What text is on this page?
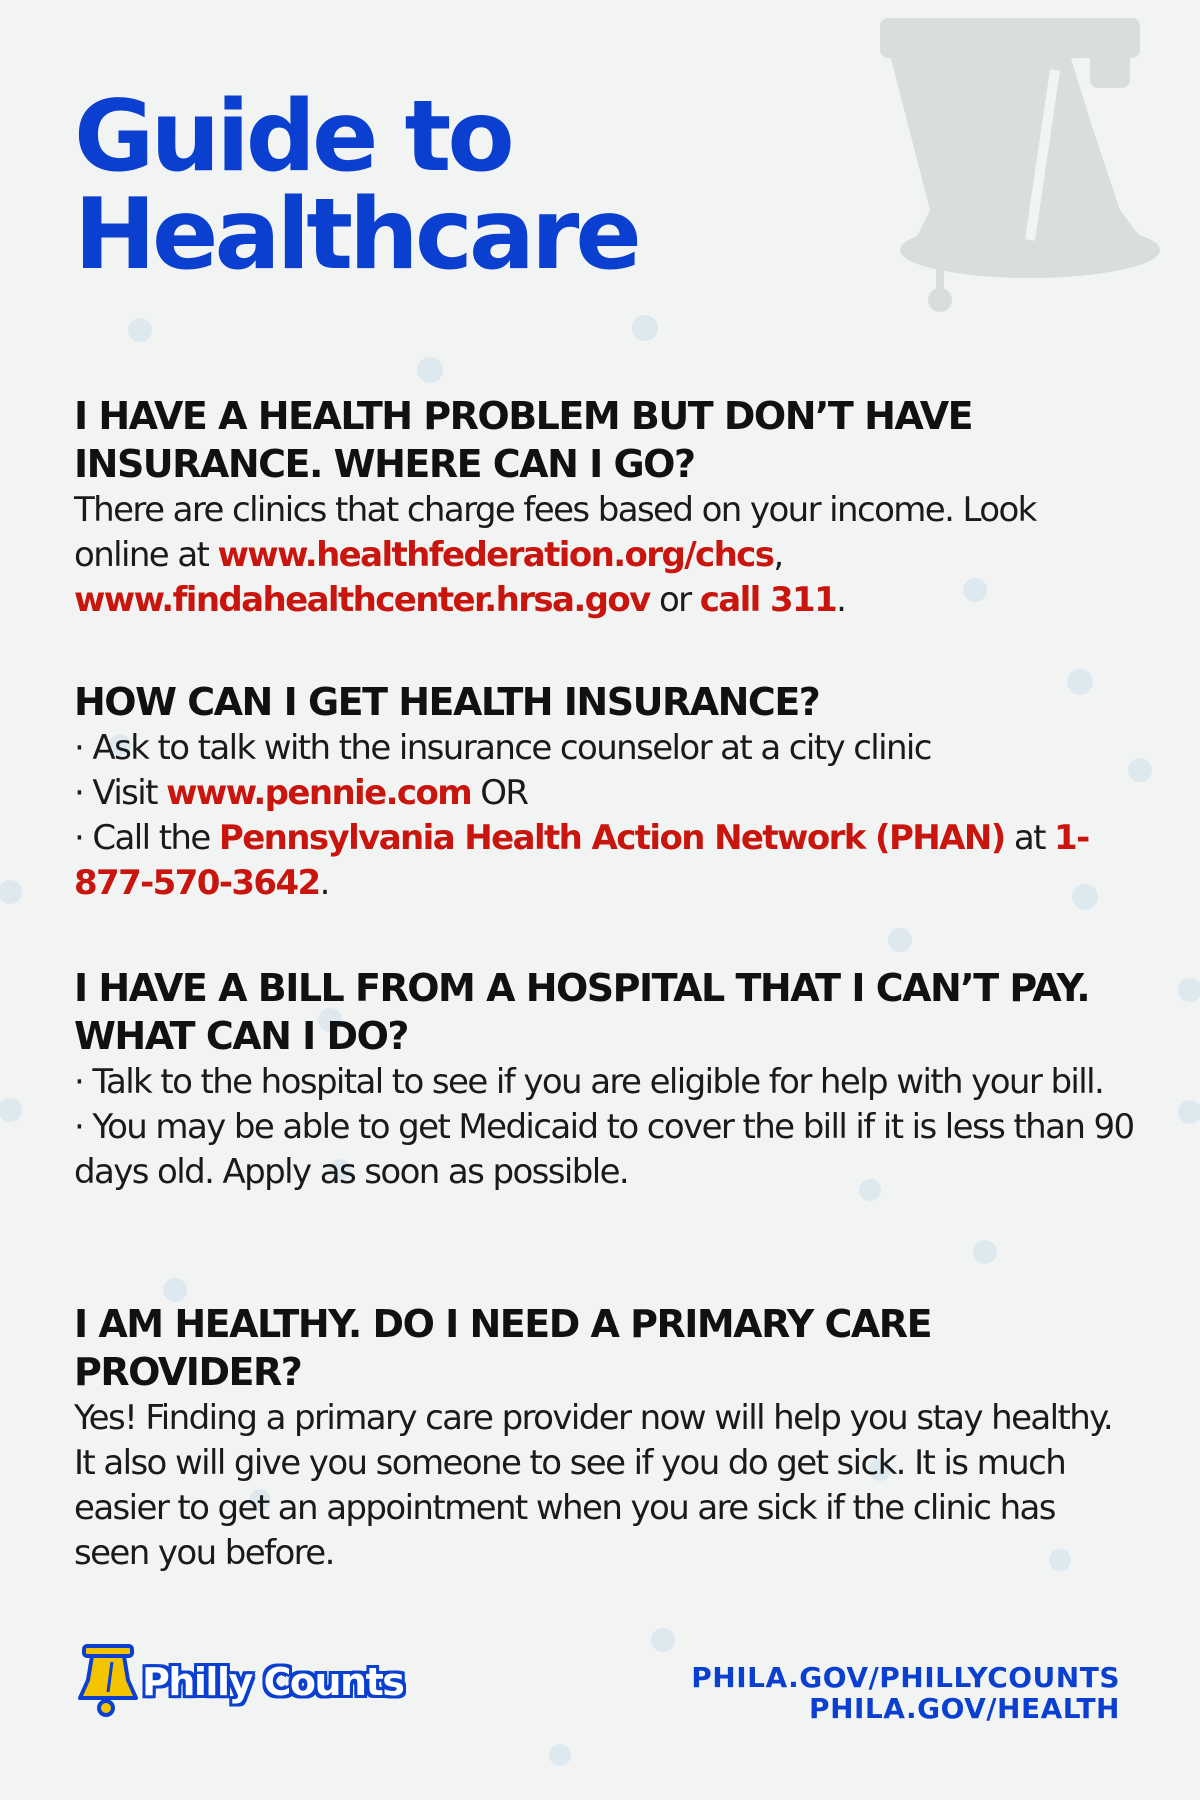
Guide to
Healthcare
I HAVE A HEALTH PROBLEM BUT DON’T HAVE INSURANCE. WHERE CAN I GO?

There are clinics that charge fees based on your income. Look online at www.healthfederation.org/chcs, www.findahealthcenter.hrsa.gov or call 311.

HOW CAN I GET HEALTH INSURANCE?

· Ask to talk with the insurance counselor at a city clinic

· Visit www.pennie.com OR

· Call the Pennsylvania Health Action Network (PHAN) at 1-877-570-3642.

I HAVE A BILL FROM A HOSPITAL THAT I CAN’T PAY. WHAT CAN I DO?

· Talk to the hospital to see if you are eligible for help with your bill.

· You may be able to get Medicaid to cover the bill if it is less than 90 days old. Apply as soon as possible.

I AM HEALTHY. DO I NEED A PRIMARY CARE PROVIDER?

Yes! Finding a primary care provider now will help you stay healthy. It also will give you someone to see if you do get sick. It is much easier to get an appointment when you are sick if the clinic has seen you before.

Philly Counts	PHILA.GOV/PHILLYCOUNTS
PHILA.GOV/HEALTH
